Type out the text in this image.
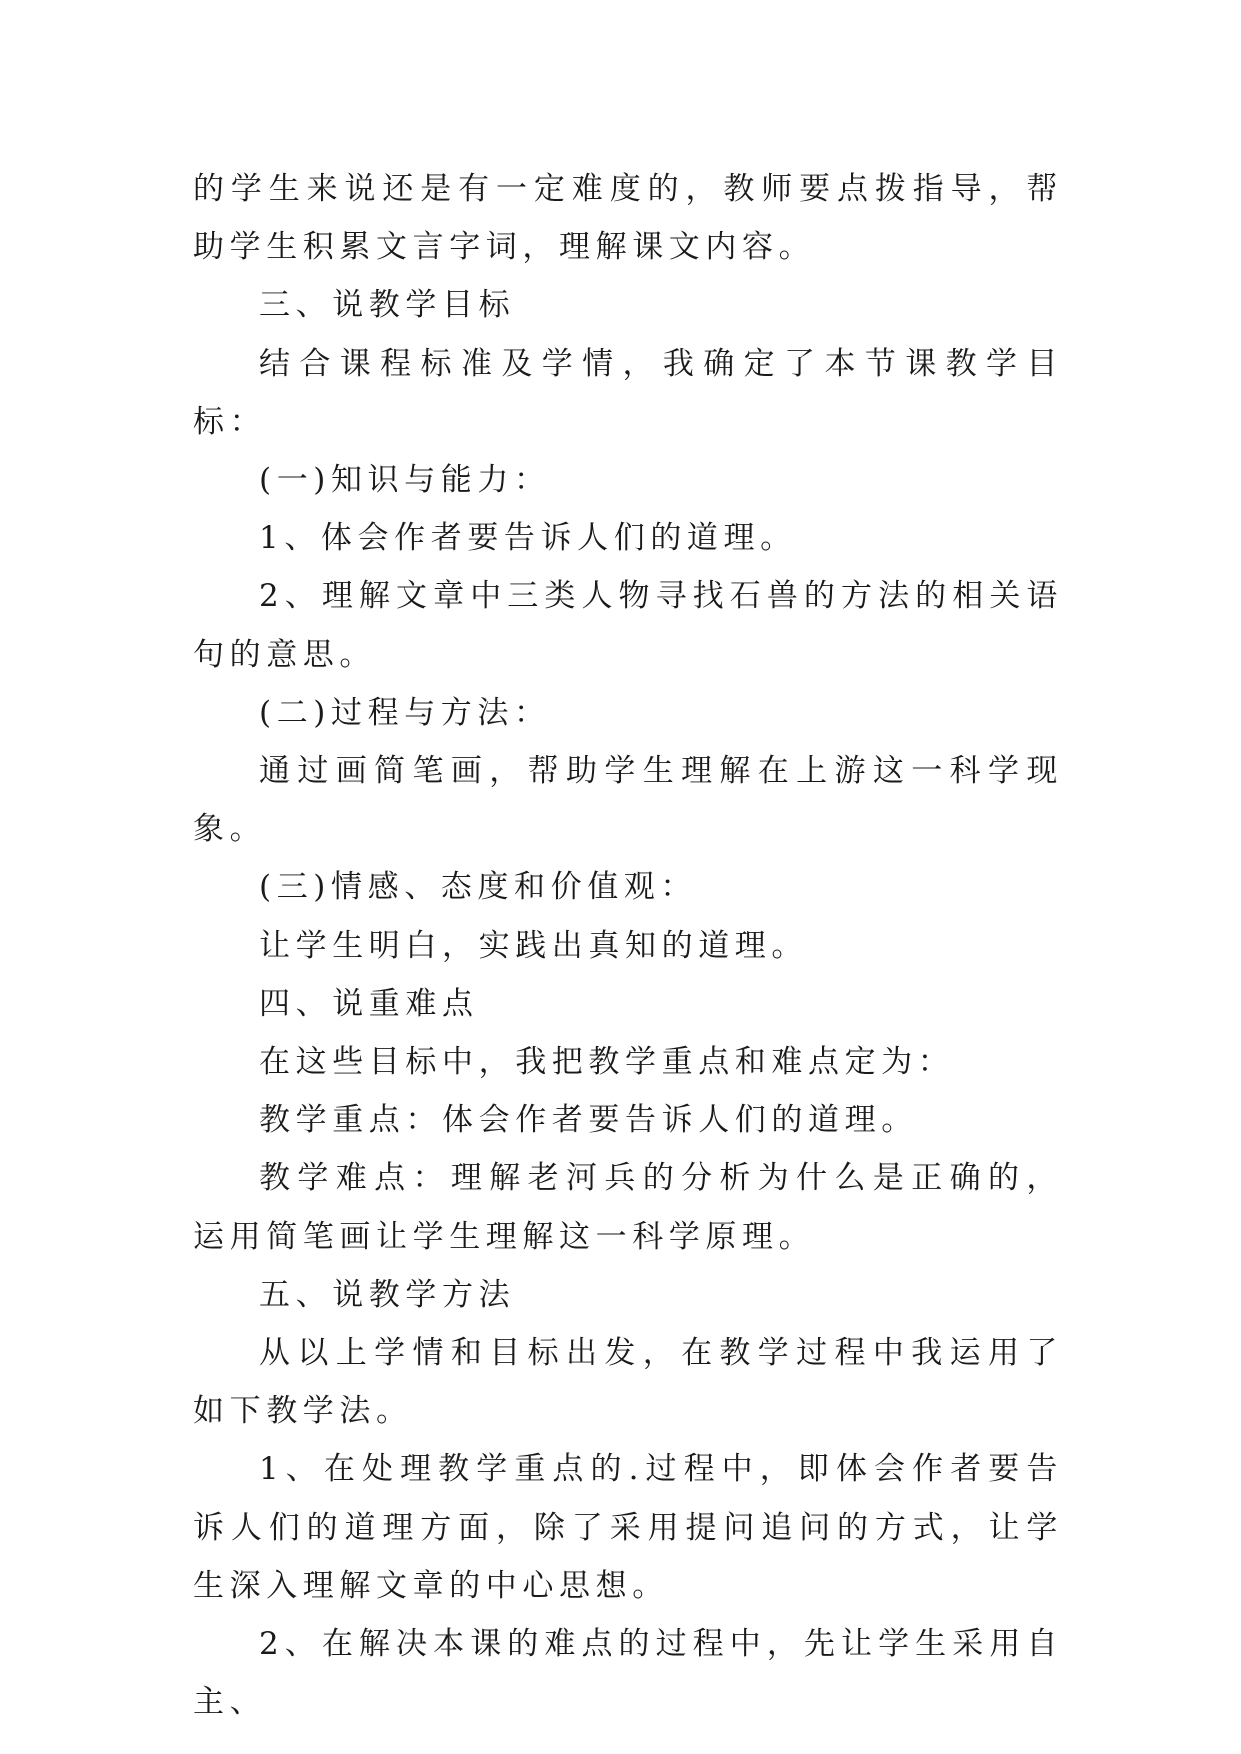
的学生来说还是有一定难度的，教师要点拨指导，帮助学生积累文言字词，理解课文内容。

三、说教学目标

结合课程标准及学情，我确定了本节课教学目标：

(一)知识与能力：

1、体会作者要告诉人们的道理。

2、理解文章中三类人物寻找石兽的方法的相关语句的意思。

(二)过程与方法：

通过画简笔画，帮助学生理解在上游这一科学现象。

(三)情感、态度和价值观：

让学生明白，实践出真知的道理。

四、说重难点

在这些目标中，我把教学重点和难点定为：

教学重点：体会作者要告诉人们的道理。

教学难点：理解老河兵的分析为什么是正确的，运用简笔画让学生理解这一科学原理。

五、说教学方法

从以上学情和目标出发，在教学过程中我运用了如下教学法。

1、在处理教学重点的.过程中，即体会作者要告诉人们的道理方面，除了采用提问追问的方式，让学生深入理解文章的中心思想。

2、在解决本课的难点的过程中，先让学生采用自主、
